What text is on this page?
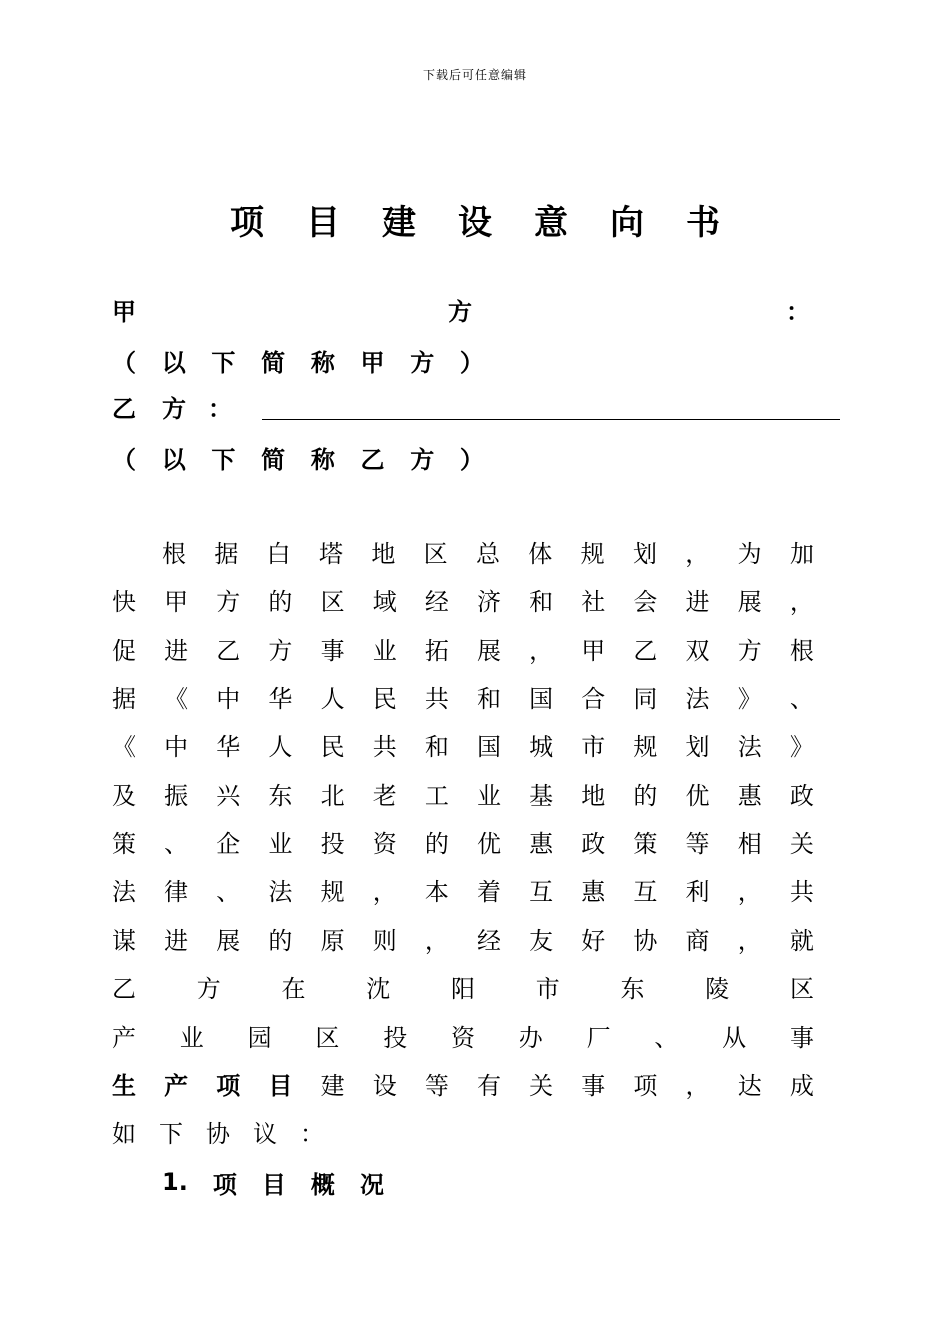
下载后可任意编辑
项 目 建 设 意 向 书
甲	方	：
（ 以 下 简 称 甲 方 ）
乙 方 ：
（ 以 下 简 称 乙 方 ）
根 据 白 塔 地 区 总 体 规 划 ， 为 加
快 甲 方 的 区 域 经 济 和 社 会 进 展 ，
促 进 乙 方 事 业 拓 展 ， 甲 乙 双 方 根
据 《 中 华 人 民 共 和 国 合 同 法 》 、
《 中 华 人 民 共 和 国 城 市 规 划 法 》
及 振 兴 东 北 老 工 业 基 地 的 优 惠 政
策 、 企 业 投 资 的 优 惠 政 策 等 相 关
法 律 、 法 规 ， 本 着 互 惠 互 利 ， 共
谋 进 展 的 原 则 ， 经 友 好 协 商 ， 就
乙	方	在	沈	阳	市	东	陵	区
产 业 园 区 投 资 办 厂 、 从 事
生 产 项 目 建 设 等 有 关 事 项 ， 达 成
如 下 协 议 ：
1. 项 目 概 况
